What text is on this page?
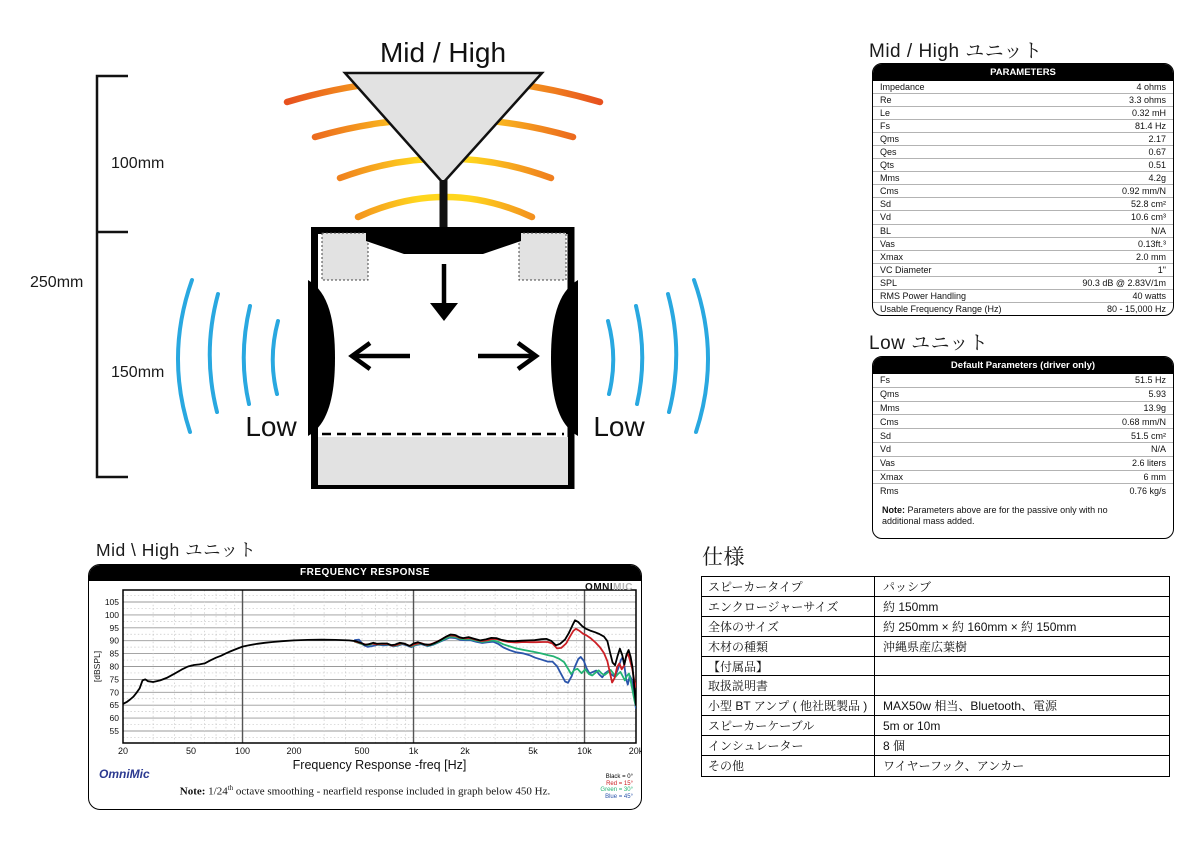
100mm
250mm
150mm
Mid / High
Low	Low
Mid / High ユニット
PARAMETERS
Impedance	4 ohms
Re	3.3 ohms
Le	0.32 mH
Fs	81.4 Hz
Qms	2.17
Qes	0.67
Qts	0.51
Mms	4.2g
Cms	0.92 mm/N
Sd	52.8 cm²
Vd	10.6 cm³
BL	N/A
Vas	0.13ft.³
Xmax	2.0 mm
VC Diameter	1"
SPL	90.3 dB @ 2.83V/1m
RMS Power Handling	40 watts
Usable Frequency Range (Hz)	80 - 15,000 Hz
Low ユニット
Default Parameters (driver only)
Fs	51.5 Hz
Qms	5.93
Mms	13.9g
Cms	0.68 mm/N
Sd	51.5 cm²
Vd	N/A
Vas	2.6 liters
Xmax	6 mm
Rms	0.76 kg/s
Note: Parameters above are for the passive only with no additional mass added.
仕様
スピーカータイプ	パッシブ
エンクロージャーサイズ	約 150mm
全体のサイズ	約 250mm × 約 160mm × 約 150mm
木材の種類	沖縄県産広葉樹
【付属品】
取扱説明書
小型 BT アンプ ( 他社既製品 )	MAX50w 相当、Bluetooth、電源
スピーカーケーブル	5m or 10m
インシュレーター	8 個
その他	ワイヤーフック、アンカー
Mid \ High ユニット
55
60
65
70
75
80
85
90
95
100
105
[dBSPL]
20	50	100	200	500	1k	2k	5k	10k	20k
Frequency Response -freq [Hz]
FREQUENCY RESPONSE
OMNIMIC
OmniMic
Note: 1/24th octave smoothing - nearfield response included in graph below 450 Hz.
Black = 0°
Red = 15°
Green = 30°
Blue = 45°
